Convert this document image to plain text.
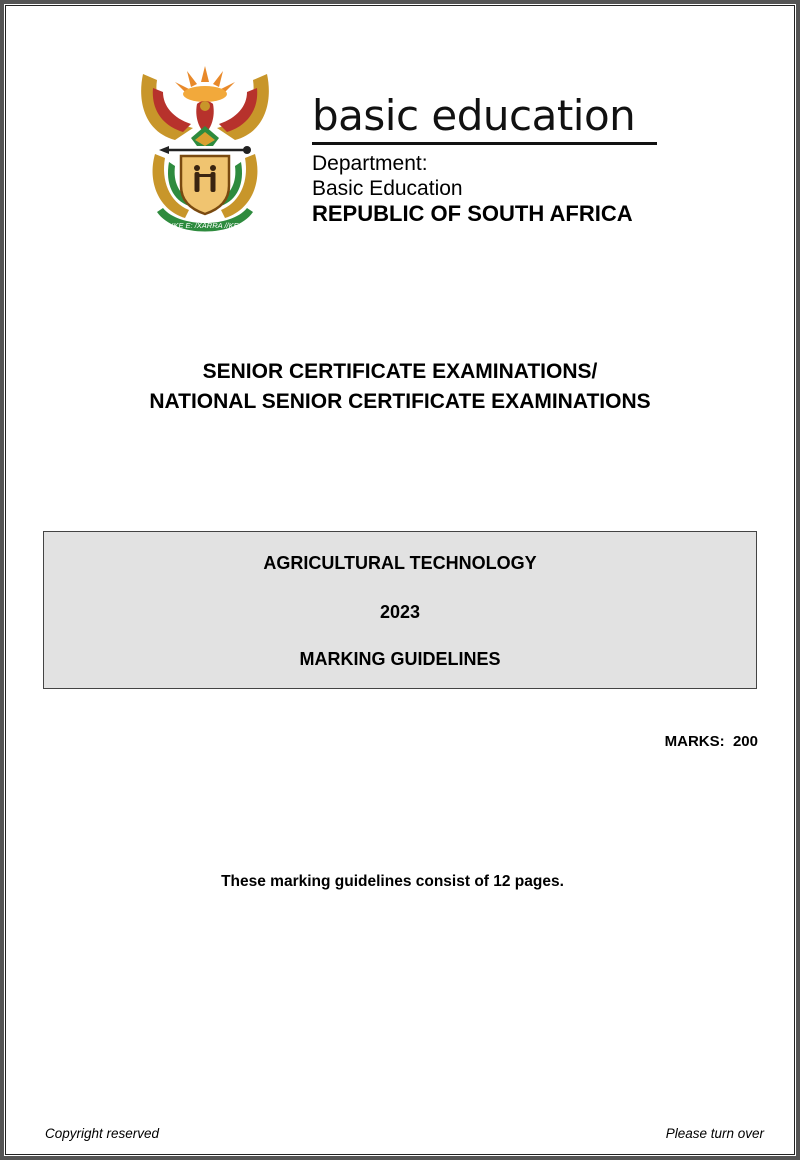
!KE E: /XARRA //KE
basic education
Department:
Basic Education
REPUBLIC OF SOUTH AFRICA
SENIOR CERTIFICATE EXAMINATIONS/
NATIONAL SENIOR CERTIFICATE EXAMINATIONS
AGRICULTURAL TECHNOLOGY
2023
MARKING GUIDELINES
MARKS:  200
These marking guidelines consist of 12 pages.
Copyright reserved	Please turn over
